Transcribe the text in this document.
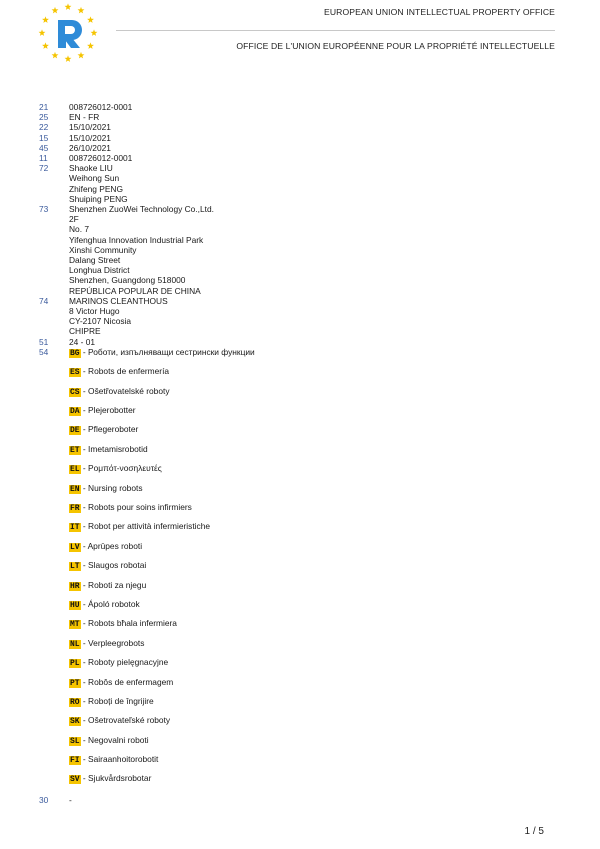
EUROPEAN UNION INTELLECTUAL PROPERTY OFFICE
OFFICE DE L'UNION EUROPÉENNE POUR LA PROPRIÉTÉ INTELLECTUELLE
21	008726012-0001
25	EN - FR
22	15/10/2021
15	15/10/2021
45	26/10/2021
11	008726012-0001
72	Shaoke LIU
Weihong Sun
Zhifeng PENG
Shuiping PENG
73	Shenzhen ZuoWei Technology Co.,Ltd.
2F
No. 7
Yifenghua Innovation Industrial Park
Xinshi Community
Dalang Street
Longhua District
Shenzhen, Guangdong 518000
REPÚBLICA POPULAR DE CHINA
74	MARINOS CLEANTHOUS
8 Victor Hugo
CY-2107 Nicosia
CHIPRE
51	24 - 01
54	BG - Роботи, изпълняващи сестрински функции
ES - Robots de enfermería
CS - Ošetřovatelské roboty
DA - Plejerobotter
DE - Pflegeroboter
ET - Imetamisrobotid
EL - Ρομπότ-νοσηλευτές
EN - Nursing robots
FR - Robots pour soins infirmiers
IT - Robot per attività infermieristiche
LV - Aprūpes roboti
LT - Slaugos robotai
HR - Roboti za njegu
HU - Ápoló robotok
MT - Robots bħala infermiera
NL - Verpleegrobots
PL - Roboty pielęgnacyjne
PT - Robôs de enfermagem
RO - Roboți de îngrijire
SK - Ošetrovateľské roboty
SL - Negovalni roboti
FI - Sairaanhoitorobotit
SV - Sjukvårdsrobotar
30	-
1 / 5
